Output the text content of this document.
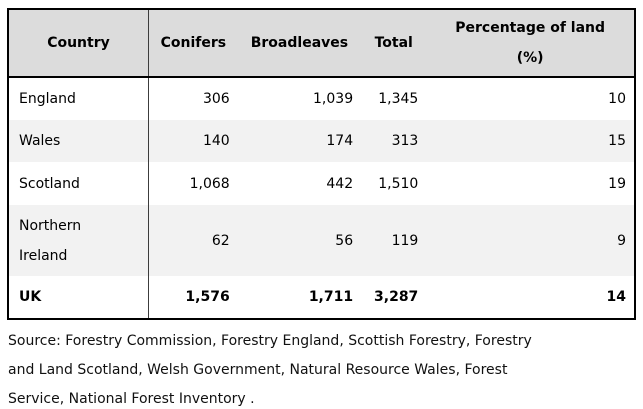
Country	Conifers	Broadleaves	Total	Percentage of land
(%)

England	306	1,039	1,345	10
Wales	140	174	313	15
Scotland	1,068	442	1,510	19
Northern Ireland	62	56	119	9
UK	1,576	1,711	3,287	14
Source: Forestry Commission, Forestry England, Scottish Forestry, Forestry
and Land Scotland, Welsh Government, Natural Resource Wales, Forest
Service, National Forest Inventory .
